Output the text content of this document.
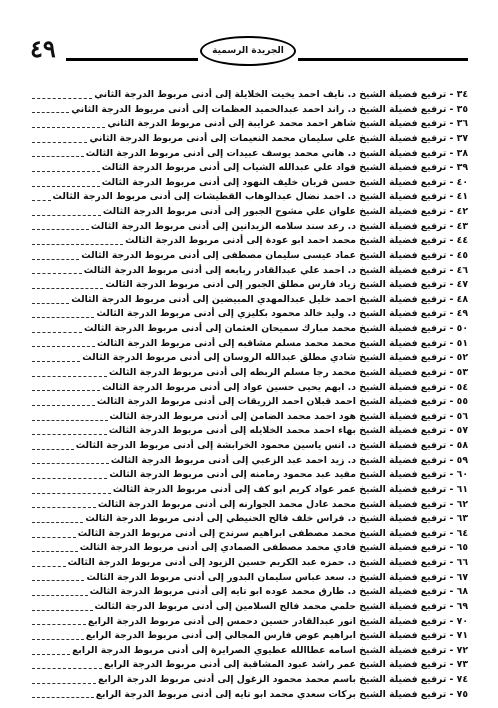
٤٩	الجريدة الرسمية
٣٤ - ترفيع فضيلة الشيخ د. نايف احمد يخيت الخلايلة إلى أدنى مربوط الدرجة الثاني
٣٥ - ترفيع فضيلة الشيخ د. راند احمد عبدالحميد العظمات إلى أدنى مربوط الدرجة الثاني
٣٦ - ترفيع فضيلة الشيخ شاهر احمد محمد غرايبة إلى أدنى مربوط الدرجة الثاني
٣٧ - ترفيع فضيلة الشيخ علي سليمان محمد النعيمات إلى أدنى مربوط الدرجة الثاني
٣٨ - ترفيع فضيلة الشيخ د. هاني محمد يوسف عبيدات إلى أدنى مربوط الدرجة الثالث
٣٩ - ترفيع فضيلة الشيخ فواد علي عبدالله الشياب إلى أدنى مربوط الدرجة الثالث
٤٠ - ترفيع فضيلة الشيخ حسن قربان خليف النهود إلى أدنى مربوط الدرجة الثالث
٤١ - ترفيع فضيلة الشيخ د. احمد نضال عبدالوهاب القطيشات إلى أدنى مربوط الدرجة الثالث
٤٢ - ترفيع فضيلة الشيخ علوان علي مشوح الجبور إلى أدنى مربوط الدرجة الثالث
٤٣ - ترفيع فضيلة الشيخ د. رعد سند سلامه الزيدانين إلى أدنى مربوط الدرجة الثالث
٤٤ - ترفيع فضيلة الشيخ محمد احمد ابو عودة إلى أدنى مربوط الدرجة الثالث
٤٥ - ترفيع فضيلة الشيخ عماد عيسى سليمان مصطفى إلى أدنى مربوط الدرجة الثالث
٤٦ - ترفيع فضيلة الشيخ د. احمد علي عبدالقادر ربابعه إلى أدنى مربوط الدرجة الثالث
٤٧ - ترفيع فضيلة الشيخ زياد فارس مطلق الجبور إلى أدنى مربوط الدرجة الثالث
٤٨ - ترفيع فضيلة الشيخ احمد خليل عبدالمهدي المبيضين إلى أدنى مربوط الدرجة الثالث
٤٩ - ترفيع فضيلة الشيخ د. وليد خالد محمود بكليزي إلى أدنى مربوط الدرجة الثالث
٥٠ - ترفيع فضيلة الشيخ محمد مبارك سميحان العثمان إلى أدنى مربوط الدرجة الثالث
٥١ - ترفيع فضيلة الشيخ محمد محمد مسلم مشاقبه إلى أدنى مربوط الدرجة الثالث
٥٢ - ترفيع فضيلة الشيخ شادي مطلق عبدالله الروسان إلى أدنى مربوط الدرجة الثالث
٥٣ - ترفيع فضيلة الشيخ محمد رجا مسلم الربطه إلى أدنى مربوط الدرجة الثالث
٥٤ - ترفيع فضيلة الشيخ د. ابهم يحيى حسين عواد إلى أدنى مربوط الدرجة الثالث
٥٥ - ترفيع فضيلة الشيخ احمد قبلان احمد الزريقات إلى أدنى مربوط الدرجة الثالث
٥٦ - ترفيع فضيلة الشيخ هود احمد محمد الضامن إلى أدنى مربوط الدرجة الثالث
٥٧ - ترفيع فضيلة الشيخ بهاء احمد محمد الخلايله إلى أدنى مربوط الدرجة الثالث
٥٨ - ترفيع فضيلة الشيخ د. انس ياسين محمود الخرابشة إلى أدنى مربوط الدرجة الثالث
٥٩ - ترفيع فضيلة الشيخ د. زيد احمد عبد الزعبي إلى أدنى مربوط الدرجة الثالث
٦٠ - ترفيع فضيلة الشيخ مفيد عبد محمود رمامنه إلى أدنى مربوط الدرجة الثالث
٦١ - ترفيع فضيلة الشيخ عمر عواد كريم ابو كف إلى أدنى مربوط الدرجة الثالث
٦٢ - ترفيع فضيلة الشيخ محمد عادل محمد الجوارنه إلى أدنى مربوط الدرجة الثالث
٦٣ - ترفيع فضيلة الشيخ د. فراس خلف فالح الحنيطي إلى أدنى مربوط الدرجة الثالث
٦٤ - ترفيع فضيلة الشيخ محمد مصطفى ابراهيم سرندح إلى أدنى مربوط الدرجة الثالث
٦٥ - ترفيع فضيلة الشيخ فادي محمد مصطفى الصمادي إلى أدنى مربوط الدرجة الثالث
٦٦ - ترفيع فضيلة الشيخ د. حمزه عبد الكريم حسين الزيود إلى أدنى مربوط الدرجة الثالث
٦٧ - ترفيع فضيلة الشيخ د. سعد عباس سليمان البدور إلى أدنى مربوط الدرجة الثالث
٦٨ - ترفيع فضيلة الشيخ د. طارق محمد عوده ابو تايه إلى أدنى مربوط الدرجة الثالث
٦٩ - ترفيع فضيلة الشيخ حلمي محمد فالح السلامين إلى أدنى مربوط الدرجة الثالث
٧٠ - ترفيع فضيلة الشيخ انور عبدالقادر حسين دحمس إلى أدنى مربوط الدرجة الرابع
٧١ - ترفيع فضيلة الشيخ ابراهيم عوض فارس المجالي إلى أدنى مربوط الدرجة الرابع
٧٢ - ترفيع فضيلة الشيخ اسامه عطاالله عطيوي الصرايرة إلى أدنى مربوط الدرجة الرابع
٧٣ - ترفيع فضيلة الشيخ عمر راشد عبود المشاقبة إلى أدنى مربوط الدرجة الرابع
٧٤ - ترفيع فضيلة الشيخ باسم محمد محمود الزغول إلى أدنى مربوط الدرجة الرابع
٧٥ - ترفيع فضيلة الشيخ بركات سعدي محمد ابو تايه إلى أدنى مربوط الدرجة الرابع
